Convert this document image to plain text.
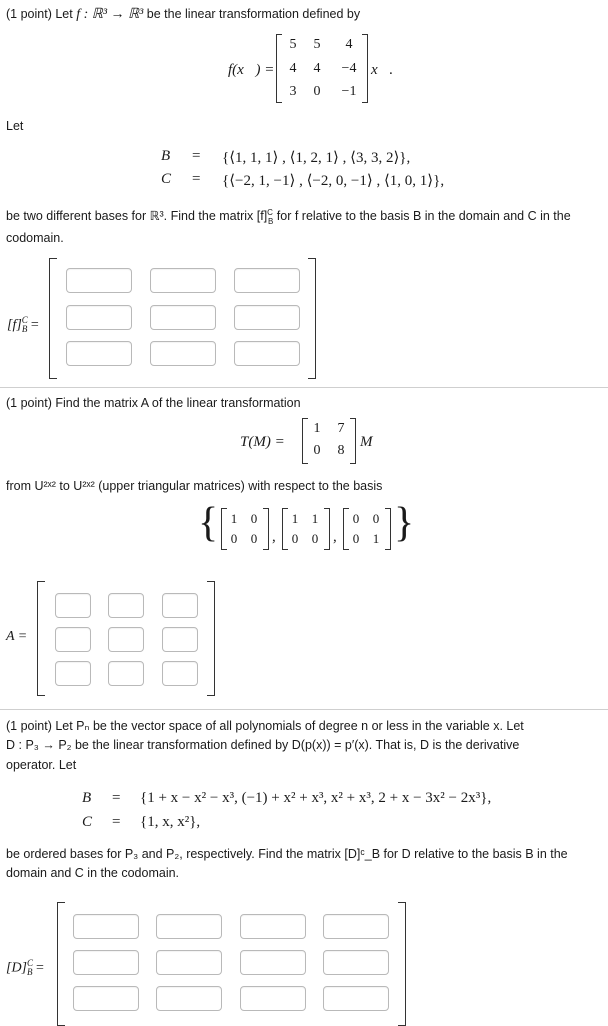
(1 point) Let f : ℝ³ → ℝ³ be the linear transformation defined by
f(x⃗) =
5	5	4
4	4	−4
3	0	−1
x⃗.
Let
B = {⟨1, 1, 1⟩ , ⟨1, 2, 1⟩ , ⟨3, 3, 2⟩},
C = {⟨−2, 1, −1⟩ , ⟨−2, 0, −1⟩ , ⟨1, 0, 1⟩},
be two different bases for ℝ³. Find the matrix $[f]^C_B$ for f relative to the basis B in the domain and C in the codomain.
$[f]^C_B$ =
(1 point) Find the matrix A of the linear transformation
T(M) =
1	7
0	8
M
from U²ˣ² to U²ˣ² (upper triangular matrices) with respect to the basis
{ 1	0
0	0 ,
1	1
0	0 ,
0	0
0	1 }
A =
(1 point) Let Pₙ be the vector space of all polynomials of degree n or less in the variable x. Let
D : P₃ → P₂ be the linear transformation defined by D(p(x)) = p′(x). That is, D is the derivative
operator. Let
B = {1 + x − x² − x³, (−1) + x² + x³, x² + x³, 2 + x − 3x² − 2x³},
C = {1, x, x²},
be ordered bases for P₃ and P₂, respectively. Find the matrix [D]ᶜ_B for D relative to the basis B in the
domain and C in the codomain.
$[D]^C_B$ =
